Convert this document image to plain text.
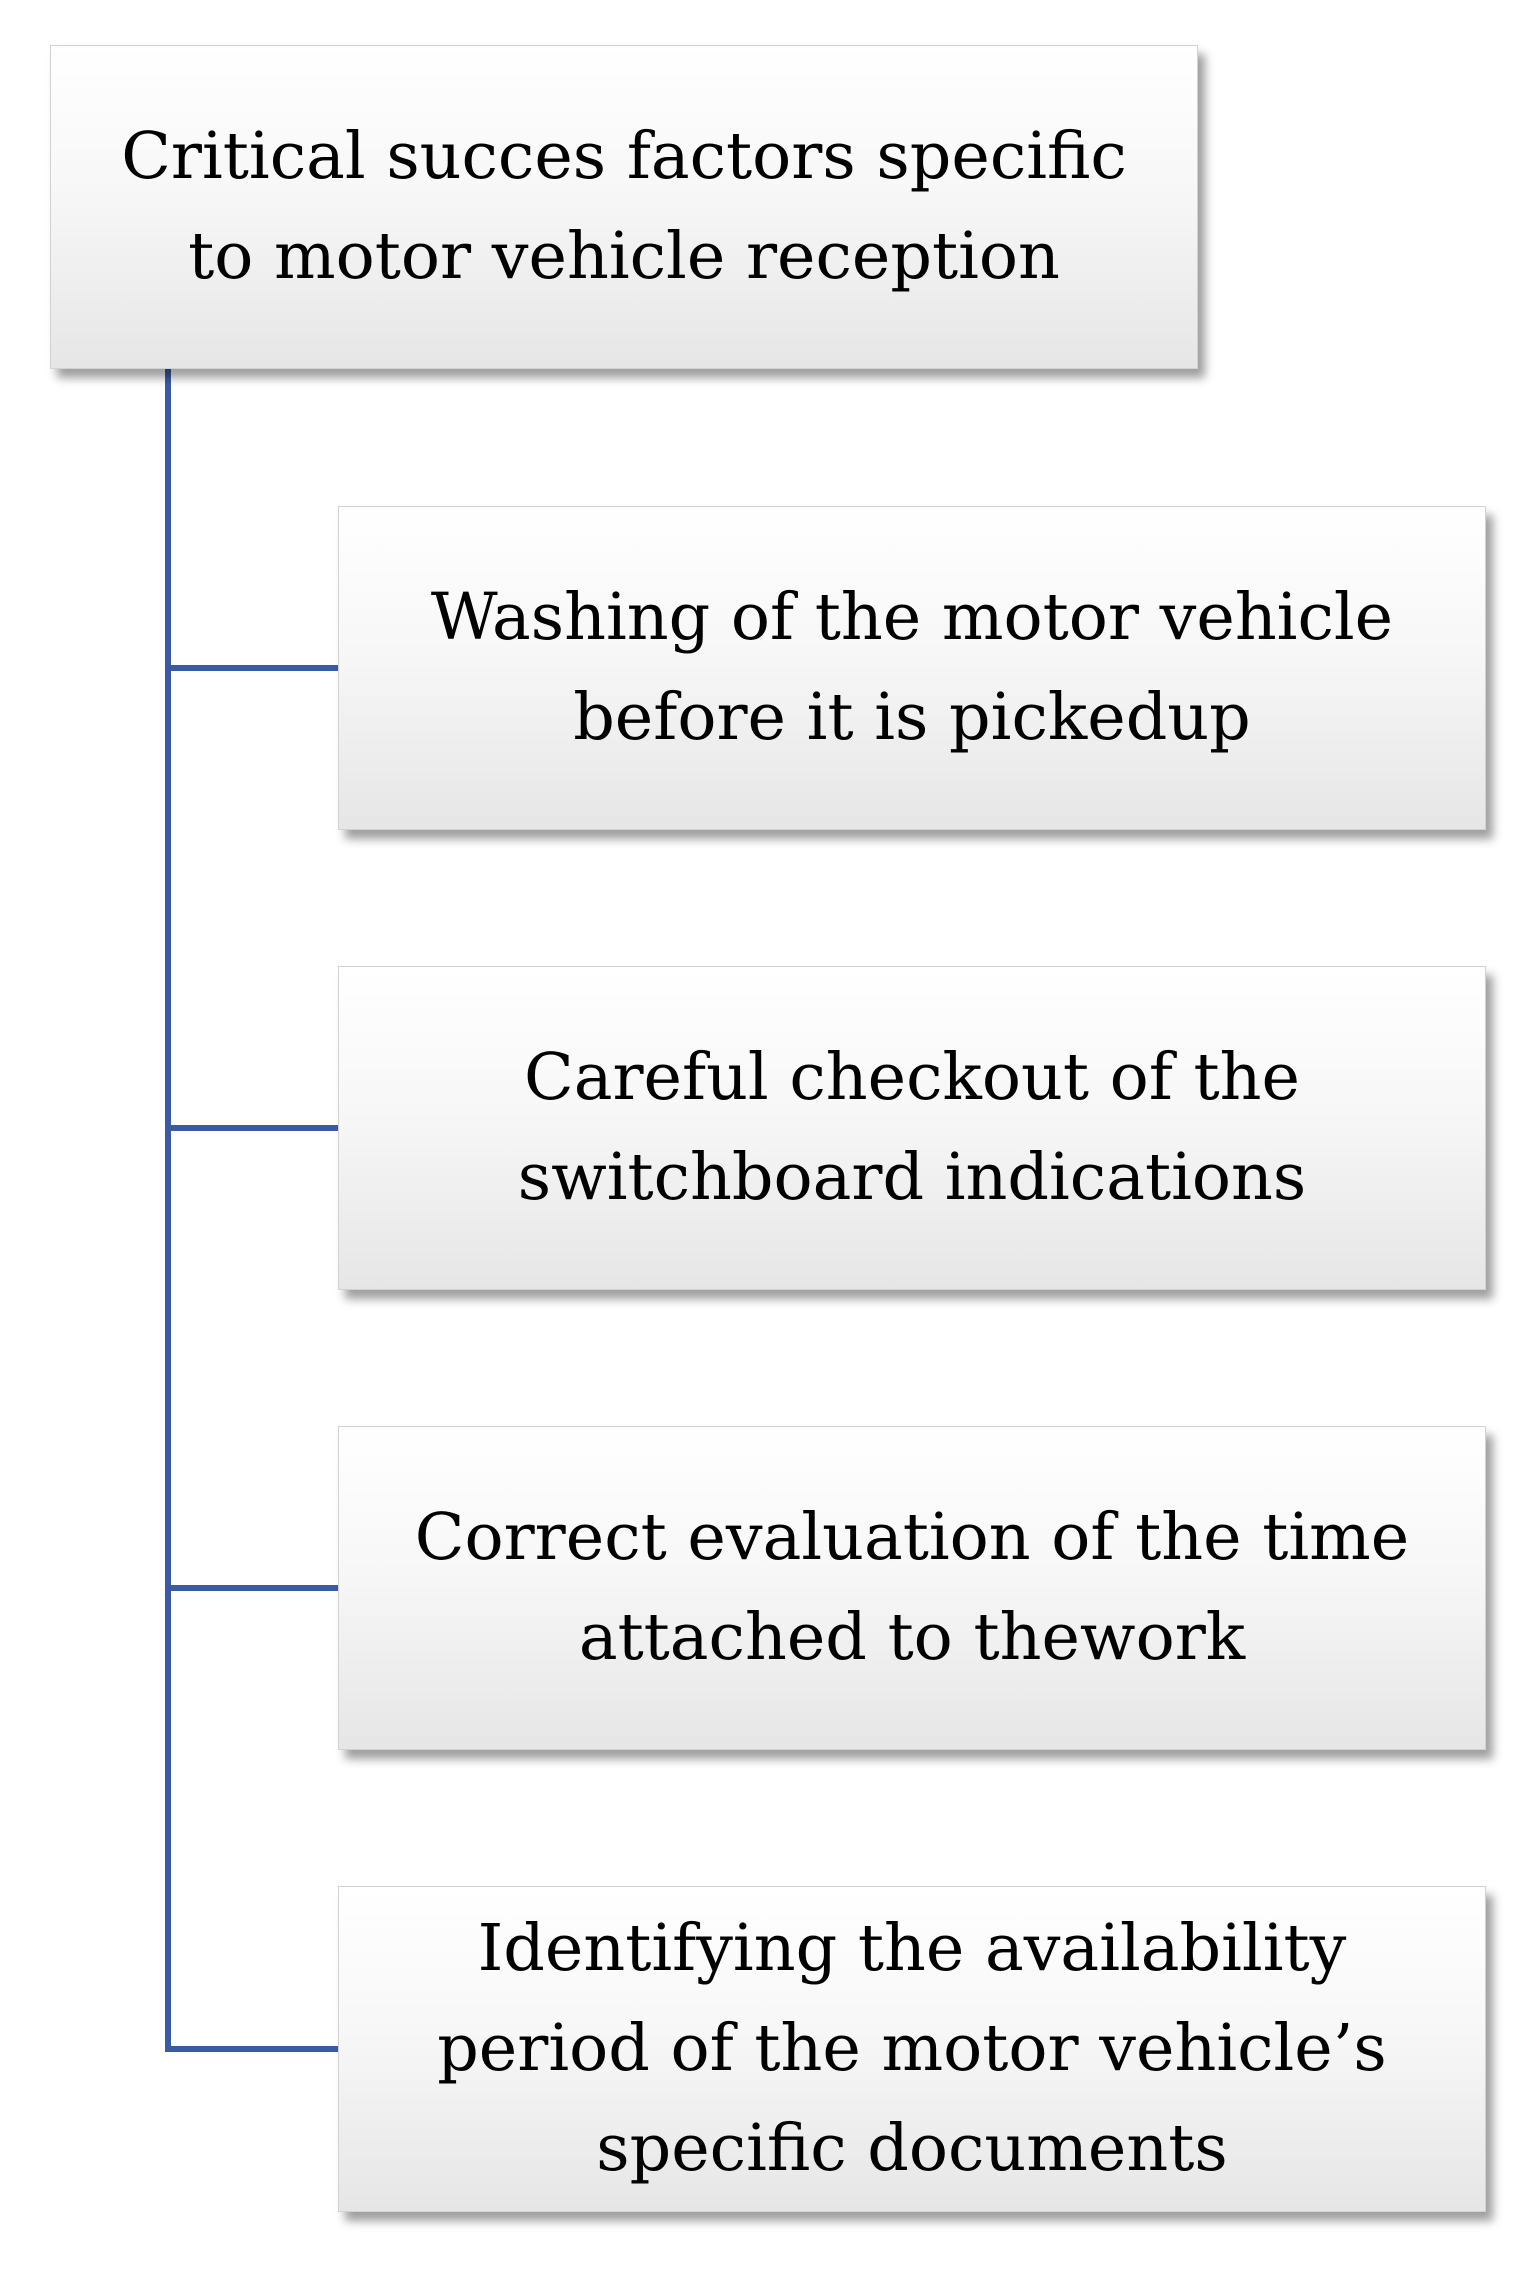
Critical succes factors specific
to motor vehicle reception
Washing of the motor vehicle
before it is pickedup
Careful checkout of the
switchboard indications
Correct evaluation of the time
attached to thework
Identifying the availability
period of the motor vehicle’s
specific documents
